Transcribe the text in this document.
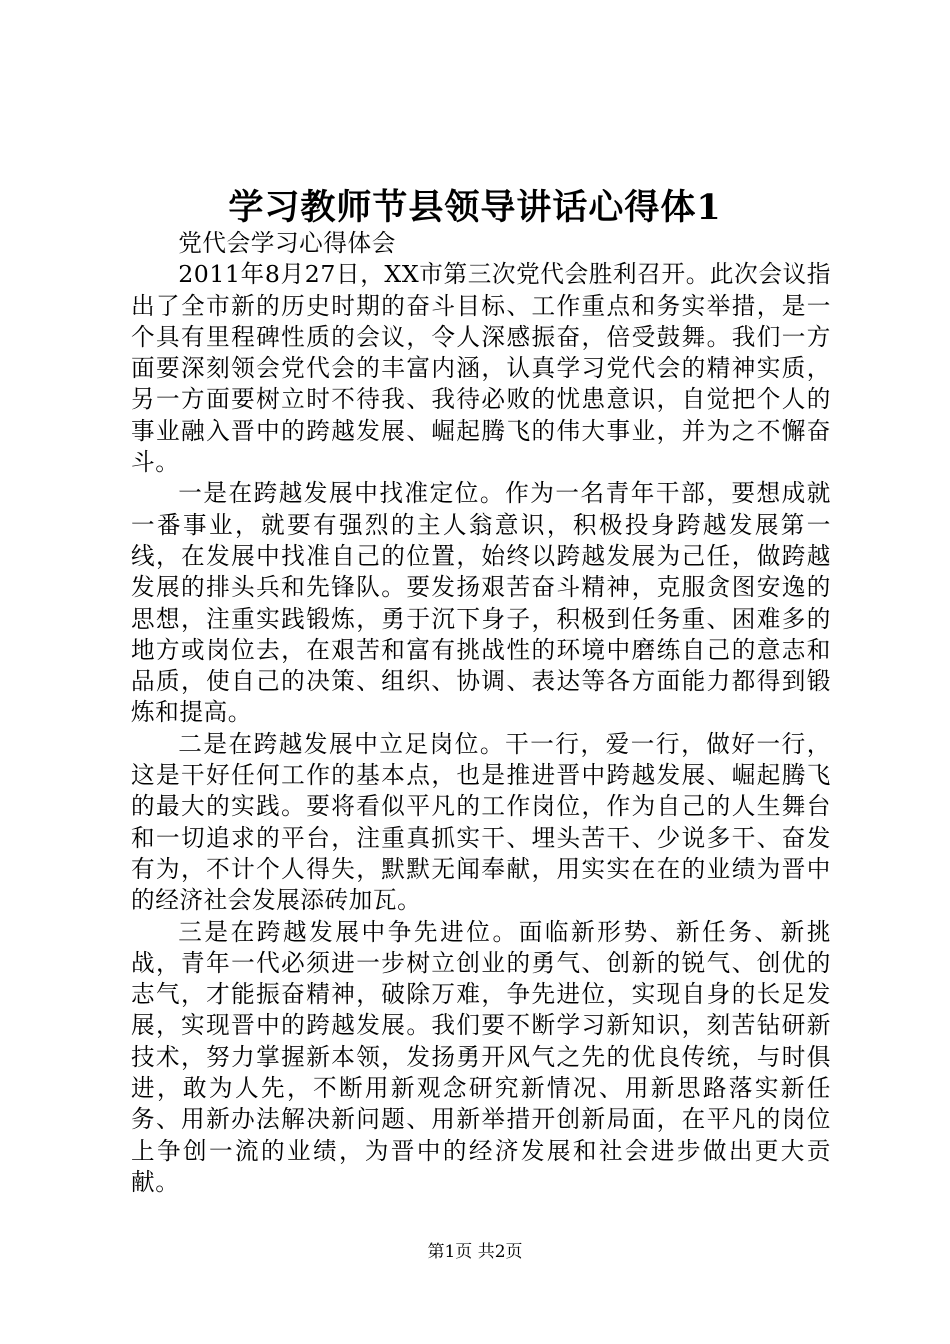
学习教师节县领导讲话心得体1

党代会学习心得体会

2011年8月27日，XX市第三次党代会胜利召开。此次会议指出了全市新的历史时期的奋斗目标、工作重点和务实举措，是一个具有里程碑性质的会议，令人深感振奋，倍受鼓舞。我们一方面要深刻领会党代会的丰富内涵，认真学习党代会的精神实质，另一方面要树立时不待我、我待必败的忧患意识，自觉把个人的事业融入晋中的跨越发展、崛起腾飞的伟大事业，并为之不懈奋斗。

一是在跨越发展中找准定位。作为一名青年干部，要想成就一番事业，就要有强烈的主人翁意识，积极投身跨越发展第一线，在发展中找准自己的位置，始终以跨越发展为己任，做跨越发展的排头兵和先锋队。要发扬艰苦奋斗精神，克服贪图安逸的思想，注重实践锻炼，勇于沉下身子，积极到任务重、困难多的地方或岗位去，在艰苦和富有挑战性的环境中磨练自己的意志和品质，使自己的决策、组织、协调、表达等各方面能力都得到锻炼和提高。

二是在跨越发展中立足岗位。干一行，爱一行，做好一行，这是干好任何工作的基本点，也是推进晋中跨越发展、崛起腾飞的最大的实践。要将看似平凡的工作岗位，作为自己的人生舞台和一切追求的平台，注重真抓实干、埋头苦干、少说多干、奋发有为，不计个人得失，默默无闻奉献，用实实在在的业绩为晋中的经济社会发展添砖加瓦。

三是在跨越发展中争先进位。面临新形势、新任务、新挑战，青年一代必须进一步树立创业的勇气、创新的锐气、创优的志气，才能振奋精神，破除万难，争先进位，实现自身的长足发展，实现晋中的跨越发展。我们要不断学习新知识，刻苦钻研新技术，努力掌握新本领，发扬勇开风气之先的优良传统，与时俱进，敢为人先，不断用新观念研究新情况、用新思路落实新任务、用新办法解决新问题、用新举措开创新局面，在平凡的岗位上争创一流的业绩，为晋中的经济发展和社会进步做出更大贡献。

第1页 共2页
